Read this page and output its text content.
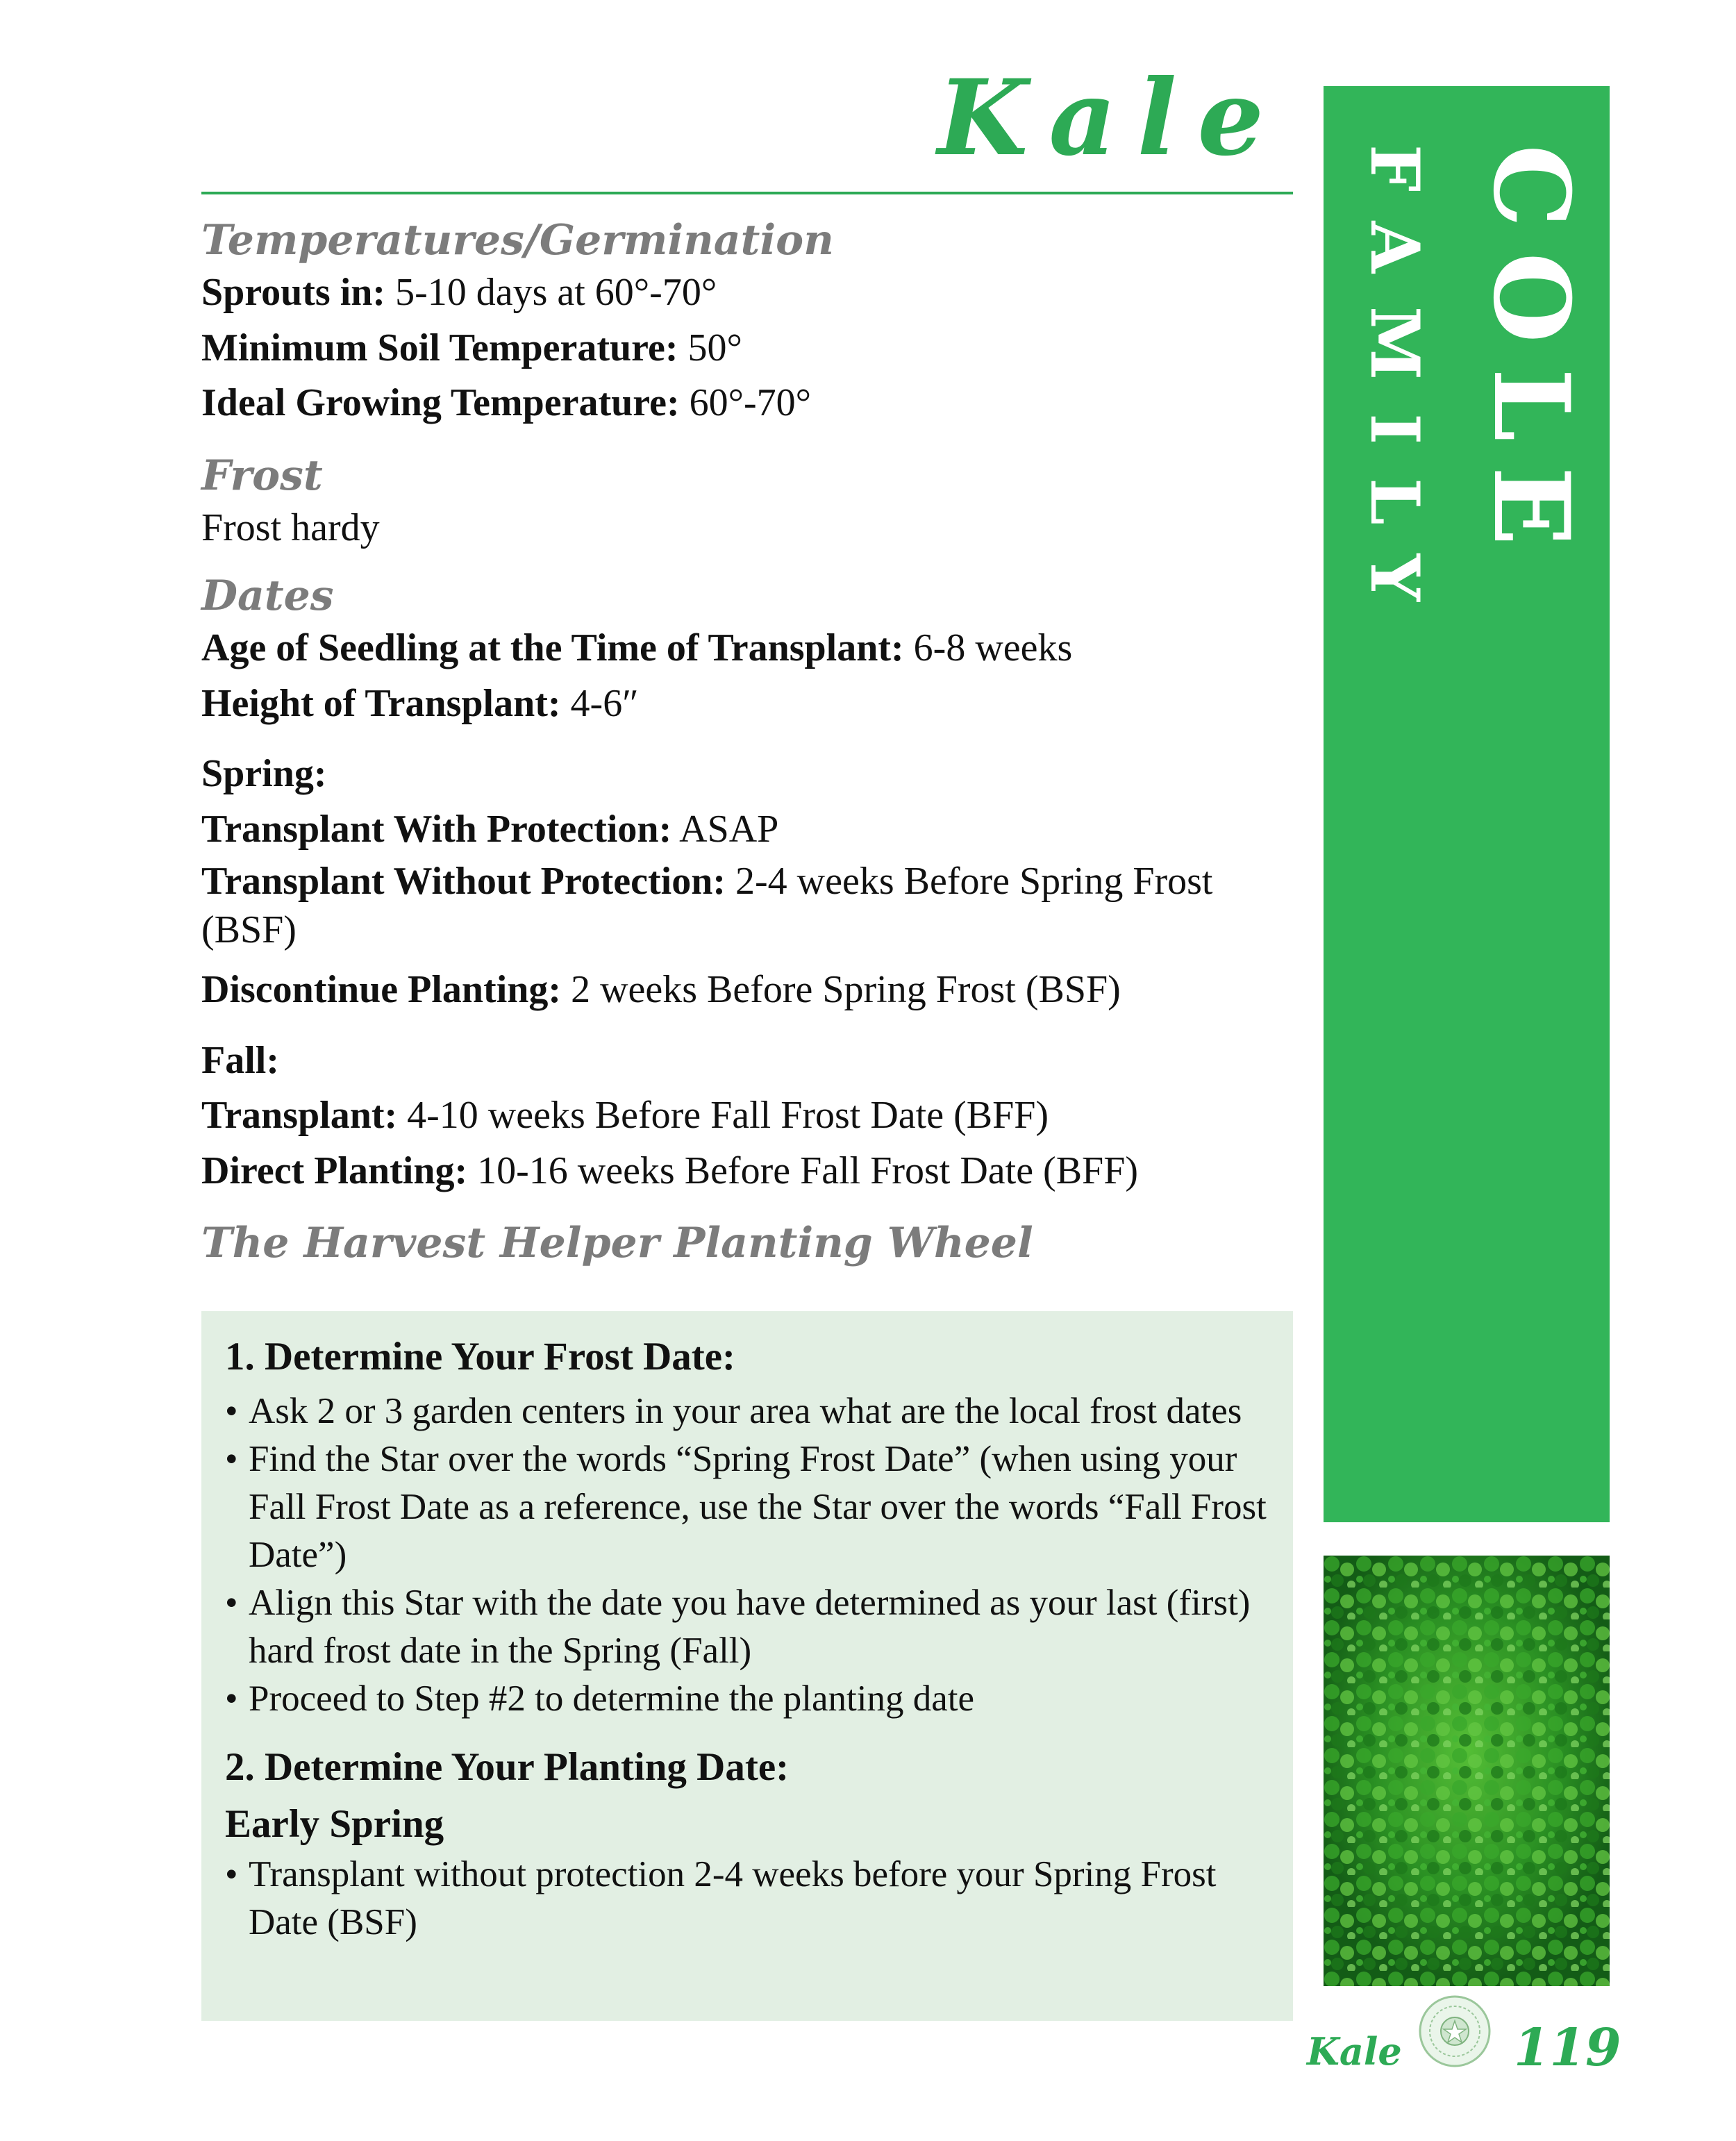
Kale

Temperatures/Germination

Sprouts in: 5-10 days at 60°-70°

Minimum Soil Temperature: 50°

Ideal Growing Temperature: 60°-70°

Frost

Frost hardy

Dates

Age of Seedling at the Time of Transplant: 6-8 weeks

Height of Transplant: 4-6″

Spring:

Transplant With Protection: ASAP

Transplant Without Protection: 2-4 weeks Before Spring Frost (BSF)

Discontinue Planting: 2 weeks Before Spring Frost (BSF)

Fall:

Transplant: 4-10 weeks Before Fall Frost Date (BFF)

Direct Planting: 10-16 weeks Before Fall Frost Date (BFF)

The Harvest Helper Planting Wheel

1. Determine Your Frost Date:

• Ask 2 or 3 garden centers in your area what are the local frost dates

• Find the Star over the words “Spring Frost Date” (when using your Fall Frost Date as a reference, use the Star over the words “Fall Frost Date”)

• Align this Star with the date you have determined as your last (first) hard frost date in the Spring (Fall)

• Proceed to Step #2 to determine the planting date

2. Determine Your Planting Date:

Early Spring

• Transplant without protection 2-4 weeks before your Spring Frost Date (BSF)

COLE
FAMILY
Kale 119
